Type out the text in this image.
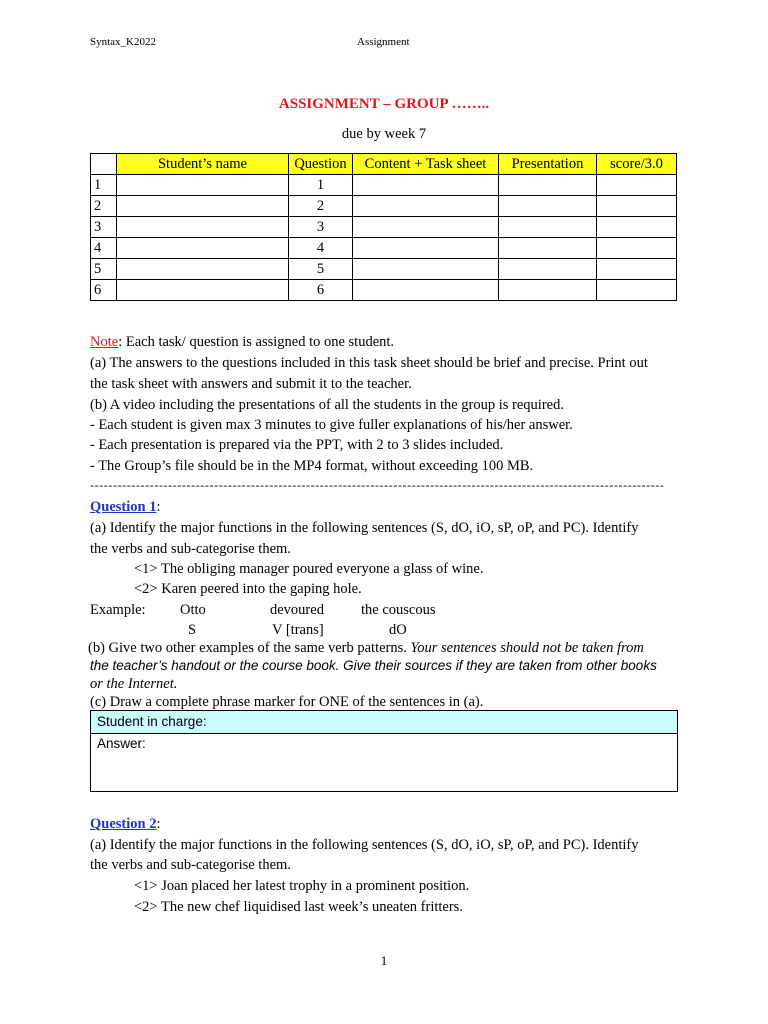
Syntax_K2022	Assignment
ASSIGNMENT – GROUP ……..
due by week 7
	Student’s name	Question	Content + Task sheet	Presentation	score/3.0
1		1			
2		2			
3		3			
4		4			
5		5			
6		6			
Note: Each task/ question is assigned to one student.
(a) The answers to the questions included in this task sheet should be brief and precise. Print out
the task sheet with answers and submit it to the teacher.
(b) A video including the presentations of all the students in the group is required.
- Each student is given max 3 minutes to give fuller explanations of his/her answer.
- Each presentation is prepared via the PPT, with 2 to 3 slides included.
- The Group’s file should be in the MP4 format, without exceeding 100 MB.
-----------------------------------------------------------------------------------------------------------------------------
Question 1:
(a) Identify the major functions in the following sentences (S, dO, iO, sP, oP, and PC). Identify
the verbs and sub-categorise them.
<1> The obliging manager poured everyone a glass of wine.
<2> Karen peered into the gaping hole.
Example: Otto	devoured	the couscous
S	V [trans]	dO
(b) Give two other examples of the same verb patterns. Your sentences should not be taken from
the teacher’s handout or the course book. Give their sources if they are taken from other books
or the Internet.
(c) Draw a complete phrase marker for ONE of the sentences in (a).
Student in charge:
Answer:
Question 2:
(a) Identify the major functions in the following sentences (S, dO, iO, sP, oP, and PC). Identify
the verbs and sub-categorise them.
<1> Joan placed her latest trophy in a prominent position.
<2> The new chef liquidised last week’s uneaten fritters.
1
